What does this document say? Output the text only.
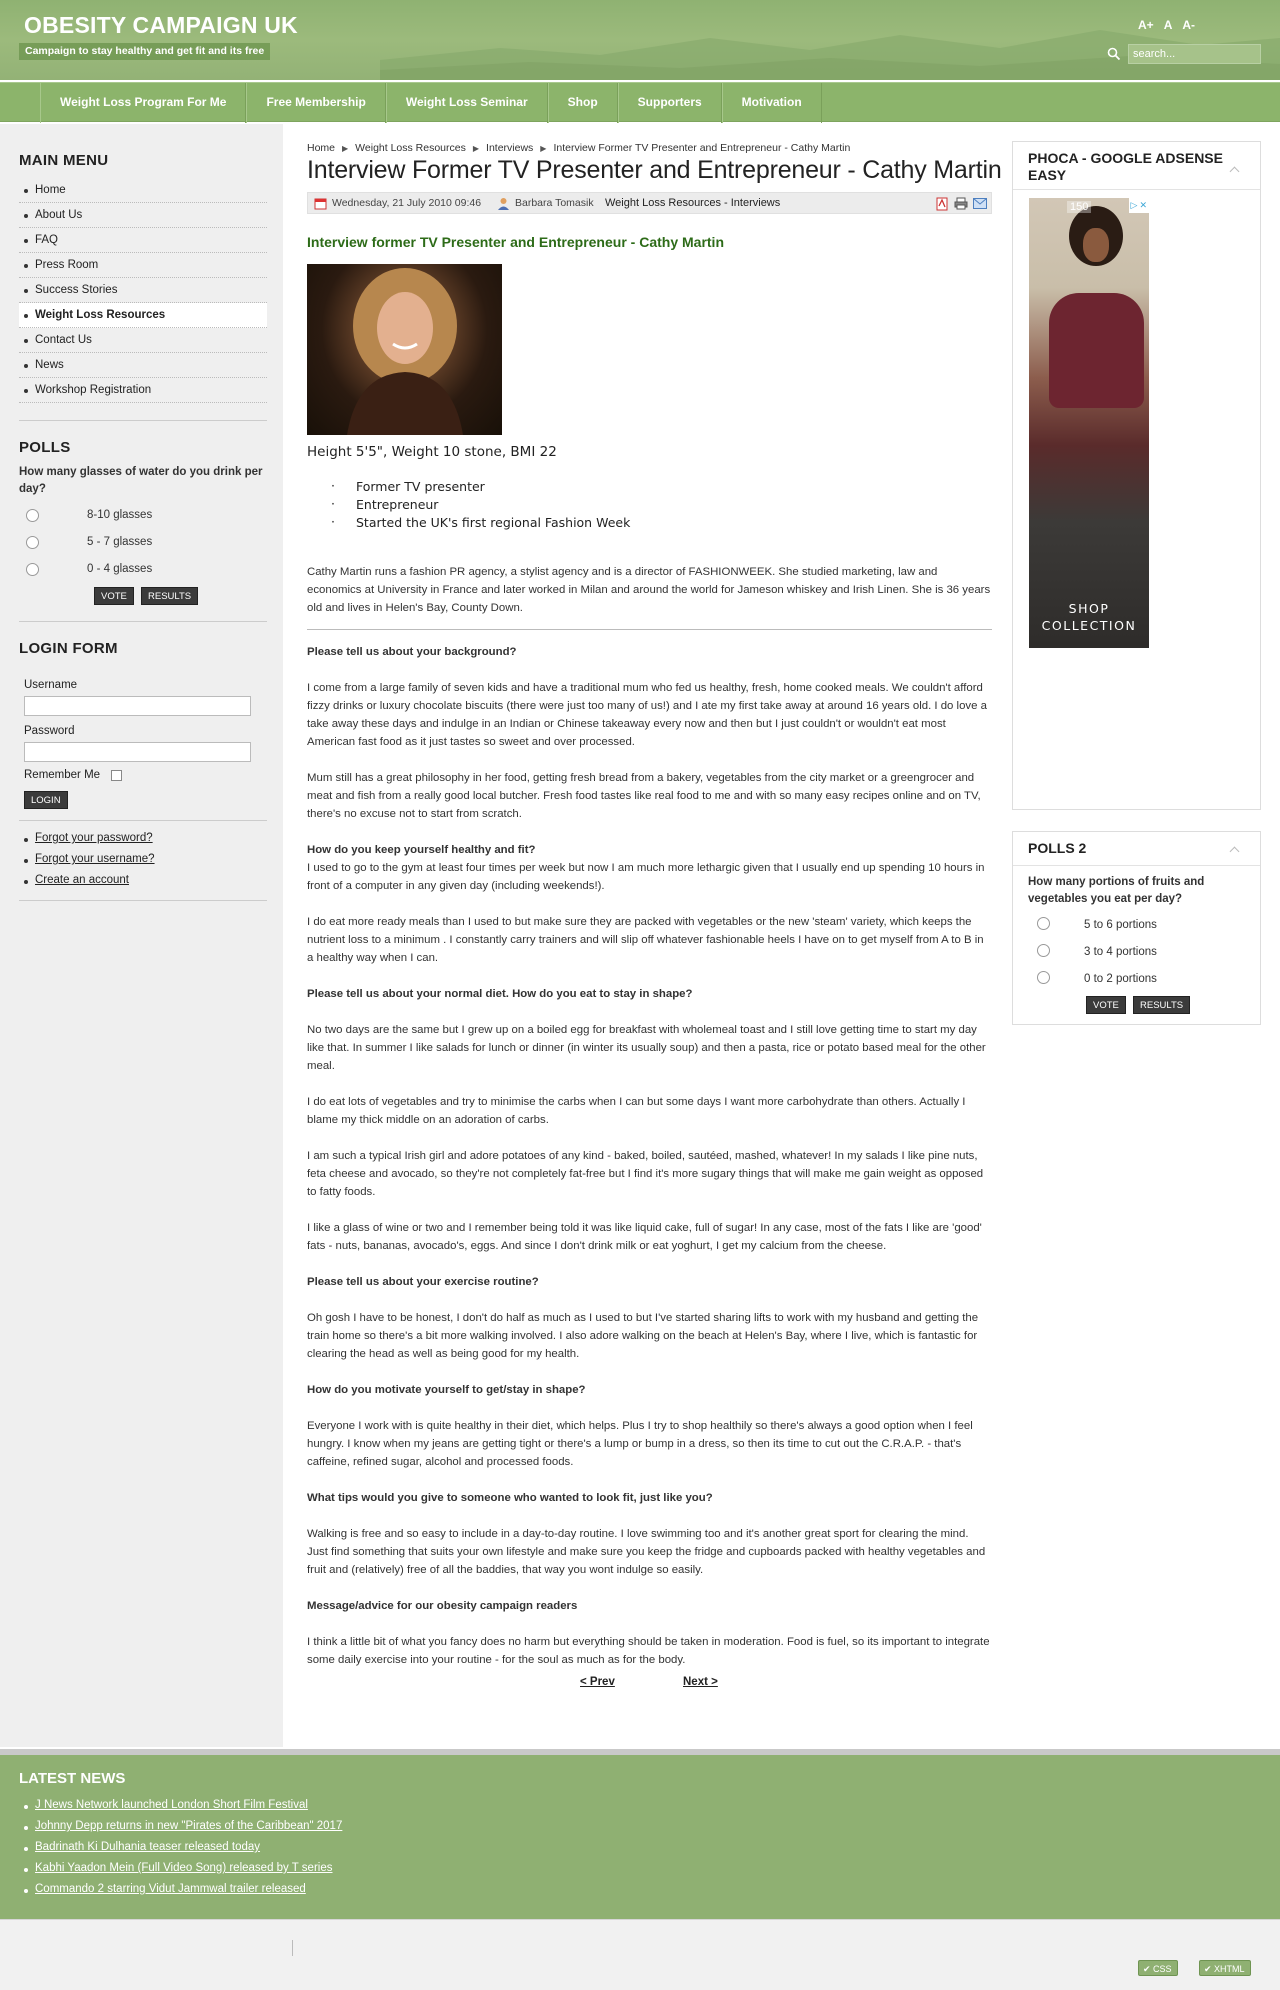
OBESITY CAMPAIGN UK
Campaign to stay healthy and get fit and its free
A+ A A-
search...
Weight Loss Program For Me	Free Membership	Weight Loss Seminar	Shop	Supporters	Motivation
MAIN MENU
Home
About Us
FAQ
Press Room
Success Stories
Weight Loss Resources
Contact Us
News
Workshop Registration
POLLS
How many glasses of water do you drink per day?
8-10 glasses
5 - 7 glasses
0 - 4 glasses
VOTE	RESULTS
LOGIN FORM
Username
Password
Remember Me
LOGIN
Forgot your password?
Forgot your username?
Create an account
Home ▶ Weight Loss Resources ▶ Interviews ▶ Interview Former TV Presenter and Entrepreneur - Cathy Martin
Interview Former TV Presenter and Entrepreneur - Cathy Martin
Wednesday, 21 July 2010 09:46	Barbara Tomasik Weight Loss Resources - Interviews
Interview former TV Presenter and Entrepreneur - Cathy Martin
Height 5'5", Weight 10 stone, BMI 22
· Former TV presenter
· Entrepreneur
· Started the UK's first regional Fashion Week
Cathy Martin runs a fashion PR agency, a stylist agency and is a director of FASHIONWEEK. She studied marketing, law and economics at University in France and later worked in Milan and around the world for Jameson whiskey and Irish Linen. She is 36 years old and lives in Helen's Bay, County Down.
Please tell us about your background?
I come from a large family of seven kids and have a traditional mum who fed us healthy, fresh, home cooked meals. We couldn't afford fizzy drinks or luxury chocolate biscuits (there were just too many of us!) and I ate my first take away at around 16 years old. I do love a take away these days and indulge in an Indian or Chinese takeaway every now and then but I just couldn't or wouldn't eat most American fast food as it just tastes so sweet and over processed.
Mum still has a great philosophy in her food, getting fresh bread from a bakery, vegetables from the city market or a greengrocer and meat and fish from a really good local butcher. Fresh food tastes like real food to me and with so many easy recipes online and on TV, there's no excuse not to start from scratch.
How do you keep yourself healthy and fit?
I used to go to the gym at least four times per week but now I am much more lethargic given that I usually end up spending 10 hours in front of a computer in any given day (including weekends!).
I do eat more ready meals than I used to but make sure they are packed with vegetables or the new 'steam' variety, which keeps the nutrient loss to a minimum . I constantly carry trainers and will slip off whatever fashionable heels I have on to get myself from A to B in a healthy way when I can.
Please tell us about your normal diet. How do you eat to stay in shape?
No two days are the same but I grew up on a boiled egg for breakfast with wholemeal toast and I still love getting time to start my day like that. In summer I like salads for lunch or dinner (in winter its usually soup) and then a pasta, rice or potato based meal for the other meal.
I do eat lots of vegetables and try to minimise the carbs when I can but some days I want more carbohydrate than others. Actually I blame my thick middle on an adoration of carbs.
I am such a typical Irish girl and adore potatoes of any kind - baked, boiled, sautéed, mashed, whatever! In my salads I like pine nuts, feta cheese and avocado, so they're not completely fat-free but I find it's more sugary things that will make me gain weight as opposed to fatty foods.
I like a glass of wine or two and I remember being told it was like liquid cake, full of sugar! In any case, most of the fats I like are 'good' fats - nuts, bananas, avocado's, eggs. And since I don't drink milk or eat yoghurt, I get my calcium from the cheese.
Please tell us about your exercise routine?
Oh gosh I have to be honest, I don't do half as much as I used to but I've started sharing lifts to work with my husband and getting the train home so there's a bit more walking involved. I also adore walking on the beach at Helen's Bay, where I live, which is fantastic for clearing the head as well as being good for my health.
How do you motivate yourself to get/stay in shape?
Everyone I work with is quite healthy in their diet, which helps. Plus I try to shop healthily so there's always a good option when I feel hungry. I know when my jeans are getting tight or there's a lump or bump in a dress, so then its time to cut out the C.R.A.P. - that's caffeine, refined sugar, alcohol and processed foods.
What tips would you give to someone who wanted to look fit, just like you?
Walking is free and so easy to include in a day-to-day routine. I love swimming too and it's another great sport for clearing the mind. Just find something that suits your own lifestyle and make sure you keep the fridge and cupboards packed with healthy vegetables and fruit and (relatively) free of all the baddies, that way you wont indulge so easily.
Message/advice for our obesity campaign readers
I think a little bit of what you fancy does no harm but everything should be taken in moderation. Food is fuel, so its important to integrate some daily exercise into your routine - for the soul as much as for the body.
< Prev	Next >
PHOCA - GOOGLE ADSENSE EASY
150	▷ ✕
SHOP COLLECTION
POLLS 2
How many portions of fruits and vegetables you eat per day?
5 to 6 portions
3 to 4 portions
0 to 2 portions
VOTE	RESULTS
LATEST NEWS
J News Network launched London Short Film Festival
Johnny Depp returns in new "Pirates of the Caribbean" 2017
Badrinath Ki Dulhania teaser released today
Kabhi Yaadon Mein (Full Video Song) released by T series
Commando 2 starring Vidut Jammwal trailer released
✔ CSS	✔ XHTML
